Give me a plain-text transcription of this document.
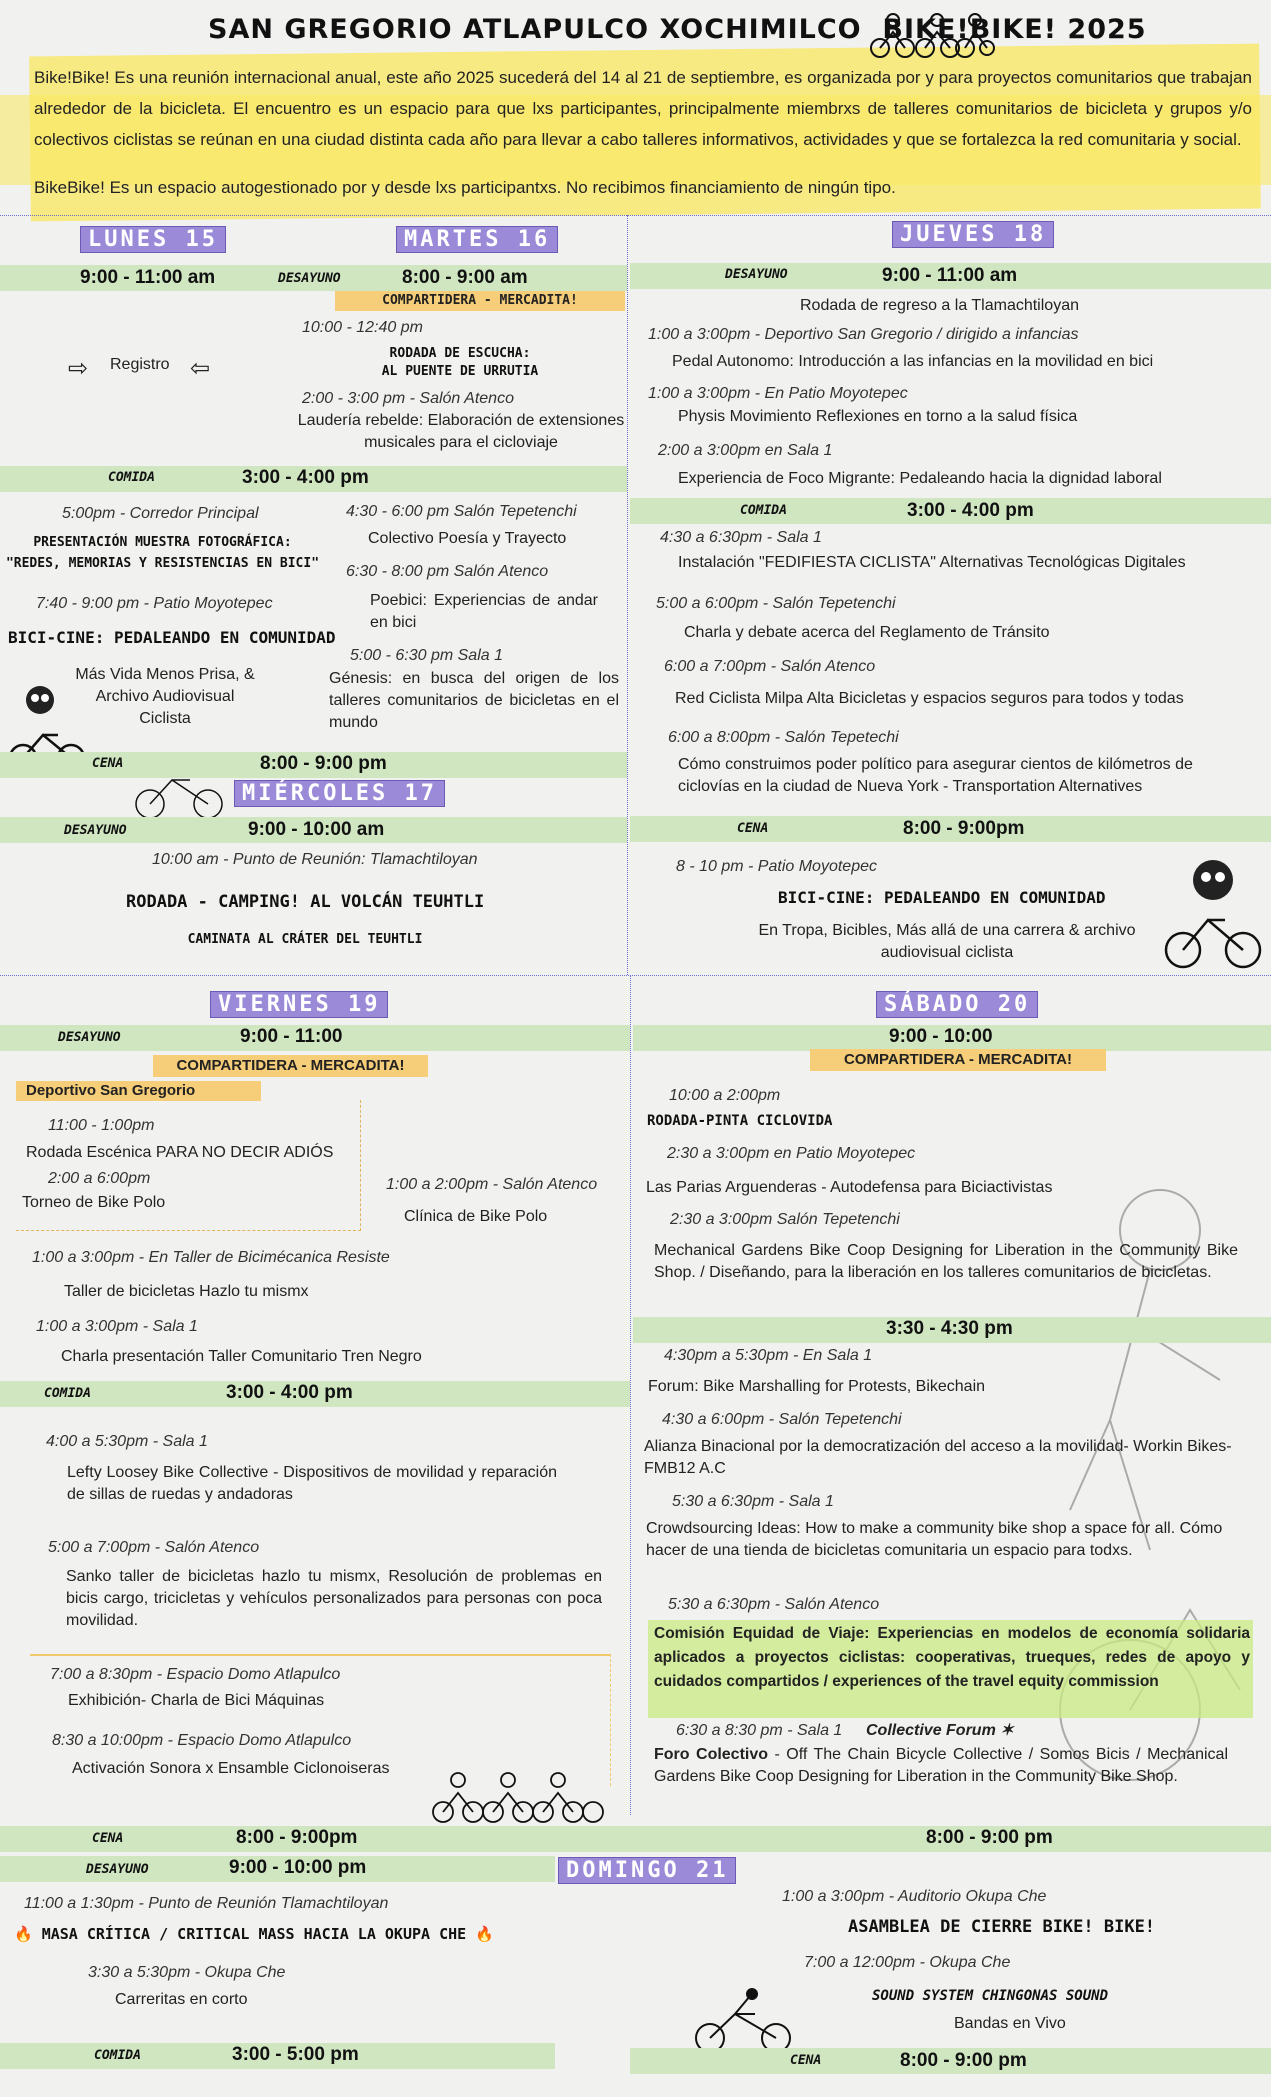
SAN GREGORIO ATLAPULCO XOCHIMILCO BIKE!BIKE! 2025
Bike!Bike! Es una reunión internacional anual, este año 2025 sucederá del 14 al 21 de septiembre, es organizada por y para proyectos comunitarios que trabajan alrededor de la bicicleta. El encuentro es un espacio para que lxs participantes, principalmente miembrxs de talleres comunitarios de bicicleta y grupos y/o colectivos ciclistas se reúnan en una ciudad distinta cada año para llevar a cabo talleres informativos, actividades y que se fortalezca la red comunitaria y social.
BikeBike! Es un espacio autogestionado por y desde lxs participantxs. No recibimos financiamiento de ningún tipo.
LUNES 15	MARTES 16
9:00 - 11:00 am	DESAYUNO	8:00 - 9:00 am
COMPARTIDERA - MERCADITA!
10:00 - 12:40 pm
RODADA DE ESCUCHA:
AL PUENTE DE URRUTIA
⇨ Registro ⇦
2:00 - 3:00 pm - Salón Atenco
Laudería rebelde: Elaboración de extensiones musicales para el cicloviaje
COMIDA	3:00 - 4:00 pm
5:00pm - Corredor Principal
PRESENTACIÓN MUESTRA FOTOGRÁFICA:
"REDES, MEMORIAS Y RESISTENCIAS EN BICI"
7:40 - 9:00 pm - Patio Moyotepec
BICI-CINE: PEDALEANDO EN COMUNIDAD
Más Vida Menos Prisa, & Archivo Audiovisual Ciclista
4:30 - 6:00 pm Salón Tepetenchi
Colectivo Poesía y Trayecto
6:30 - 8:00 pm Salón Atenco
Poebici: Experiencias de andar en bici
5:00 - 6:30 pm Sala 1
Génesis: en busca del origen de los talleres comunitarios de bicicletas en el mundo
CENA	8:00 - 9:00 pm
MIÉRCOLES 17
DESAYUNO	9:00 - 10:00 am
10:00 am - Punto de Reunión: Tlamachtiloyan
RODADA - CAMPING! AL VOLCÁN TEUHTLI
CAMINATA AL CRÁTER DEL TEUHTLI
JUEVES 18
DESAYUNO	9:00 - 11:00 am
Rodada de regreso a la Tlamachtiloyan
1:00 a 3:00pm - Deportivo San Gregorio / dirigido a infancias
Pedal Autonomo: Introducción a las infancias en la movilidad en bici
1:00 a 3:00pm - En Patio Moyotepec
Physis Movimiento Reflexiones en torno a la salud física
2:00 a 3:00pm en Sala 1
Experiencia de Foco Migrante: Pedaleando hacia la dignidad laboral
COMIDA	3:00 - 4:00 pm
4:30 a 6:30pm - Sala 1
Instalación "FEDIFIESTA CICLISTA" Alternativas Tecnológicas Digitales
5:00 a 6:00pm - Salón Tepetenchi
Charla y debate acerca del Reglamento de Tránsito
6:00 a 7:00pm - Salón Atenco
Red Ciclista Milpa Alta Bicicletas y espacios seguros para todos y todas
6:00 a 8:00pm - Salón Tepetechi
Cómo construimos poder político para asegurar cientos de kilómetros de ciclovías en la ciudad de Nueva York - Transportation Alternatives
CENA	8:00 - 9:00pm
8 - 10 pm - Patio Moyotepec
BICI-CINE: PEDALEANDO EN COMUNIDAD
En Tropa, Bicibles, Más allá de una carrera & archivo audiovisual ciclista
VIERNES 19
DESAYUNO	9:00 - 11:00
COMPARTIDERA - MERCADITA!
Deportivo San Gregorio
11:00 - 1:00pm
Rodada Escénica PARA NO DECIR ADIÓS
2:00 a 6:00pm
Torneo de Bike Polo
1:00 a 2:00pm - Salón Atenco
Clínica de Bike Polo
1:00 a 3:00pm - En Taller de Bicimécanica Resiste
Taller de bicicletas Hazlo tu mismx
1:00 a 3:00pm - Sala 1
Charla presentación Taller Comunitario Tren Negro
COMIDA	3:00 - 4:00 pm
4:00 a 5:30pm - Sala 1
Lefty Loosey Bike Collective - Dispositivos de movilidad y reparación de sillas de ruedas y andadoras
5:00 a 7:00pm - Salón Atenco
Sanko taller de bicicletas hazlo tu mismx, Resolución de problemas en bicis cargo, tricicletas y vehículos personalizados para personas con poca movilidad.
7:00 a 8:30pm - Espacio Domo Atlapulco
Exhibición- Charla de Bici Máquinas
8:30 a 10:00pm - Espacio Domo Atlapulco
Activación Sonora x Ensamble Ciclonoiseras
CENA	8:00 - 9:00pm
SÁBADO 20
9:00 - 10:00
COMPARTIDERA - MERCADITA!
10:00 a 2:00pm
RODADA-PINTA CICLOVIDA
2:30 a 3:00pm en Patio Moyotepec
Las Parias Arguenderas - Autodefensa para Biciactivistas
2:30 a 3:00pm Salón Tepetenchi
Mechanical Gardens Bike Coop Designing for Liberation in the Community Bike Shop. / Diseñando, para la liberación en los talleres comunitarios de bicicletas.
3:30 - 4:30 pm
4:30pm a 5:30pm - En Sala 1
Forum: Bike Marshalling for Protests, Bikechain
4:30 a 6:00pm - Salón Tepetenchi
Alianza Binacional por la democratización del acceso a la movilidad- Workin Bikes- FMB12 A.C
5:30 a 6:30pm - Sala 1
Crowdsourcing Ideas: How to make a community bike shop a space for all. Cómo hacer de una tienda de bicicletas comunitaria un espacio para todxs.
5:30 a 6:30pm - Salón Atenco
Comisión Equidad de Viaje: Experiencias en modelos de economía solidaria aplicados a proyectos ciclistas: cooperativas, trueques, redes de apoyo y cuidados compartidos / experiences of the travel equity commission
6:30 a 8:30 pm - Sala 1 Collective Forum ✶
Foro Colectivo - Off The Chain Bicycle Collective / Somos Bicis / Mechanical Gardens Bike Coop Designing for Liberation in the Community Bike Shop.
8:00 - 9:00 pm
DESAYUNO	9:00 - 10:00 pm	DOMINGO 21
11:00 a 1:30pm - Punto de Reunión Tlamachtiloyan
🔥 MASA CRÍTICA / CRITICAL MASS HACIA LA OKUPA CHE 🔥
3:30 a 5:30pm - Okupa Che
Carreritas en corto
COMIDA	3:00 - 5:00 pm
1:00 a 3:00pm - Auditorio Okupa Che
ASAMBLEA DE CIERRE BIKE! BIKE!
7:00 a 12:00pm - Okupa Che
SOUND SYSTEM CHINGONAS SOUND
Bandas en Vivo
CENA	8:00 - 9:00 pm
